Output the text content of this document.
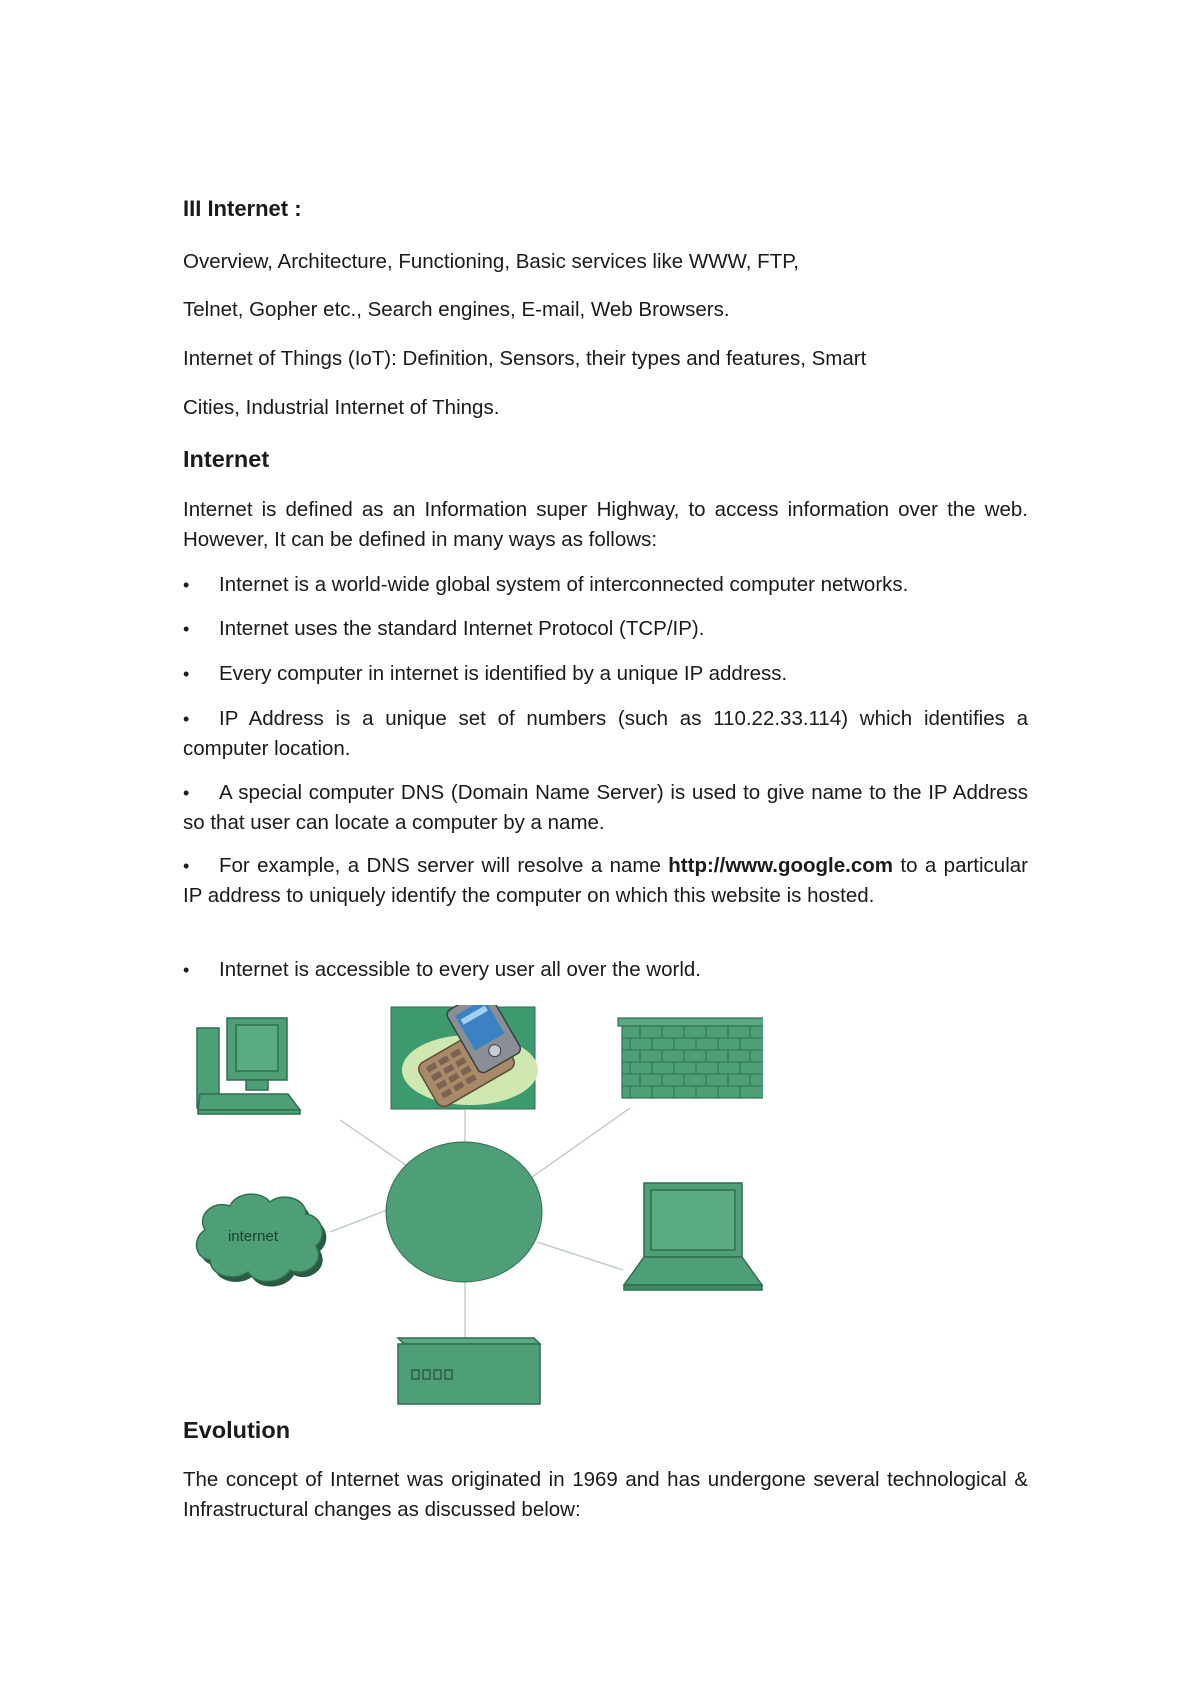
III Internet :
Overview, Architecture, Functioning, Basic services like WWW, FTP,
Telnet, Gopher etc., Search engines, E-mail, Web Browsers.
Internet of Things (IoT): Definition, Sensors, their types and features, Smart
Cities, Industrial Internet of Things.
Internet
Internet is defined as an Information super Highway, to access information over the web. However, It can be defined in many ways as follows:
•Internet is a world-wide global system of interconnected computer networks.
•Internet uses the standard Internet Protocol (TCP/IP).
•Every computer in internet is identified by a unique IP address.
•IP Address is a unique set of numbers (such as 110.22.33.114) which identifies a computer location.
•A special computer DNS (Domain Name Server) is used to give name to the IP Address so that user can locate a computer by a name.
•For example, a DNS server will resolve a name http://www.google.com to a particular IP address to uniquely identify the computer on which this website is hosted.
•Internet is accessible to every user all over the world.
Evolution
The concept of Internet was originated in 1969 and has undergone several technological & Infrastructural changes as discussed below:
internet
